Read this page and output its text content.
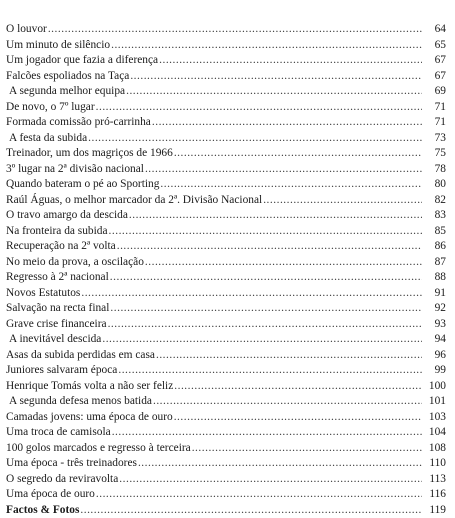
O louvor .....	64
Um minuto de silêncio .....	65
Um jogador que fazia a diferença .....	67
Falcões espoliados na Taça .....	67
A segunda melhor equipa .....	69
De novo, o 7º lugar .....	71
Formada comissão pró-carrinha .....	71
A festa da subida .....	73
Treinador, um dos magriços de 1966 .....	75
3º lugar na 2ª divisão nacional .....	78
Quando bateram o pé ao Sporting .....	80
Raúl Águas, o melhor marcador da 2ª. Divisão Nacional .....	82
O travo amargo da descida .....	83
Na fronteira da subida .....	85
Recuperação na 2ª volta .....	86
No meio da prova, a oscilação .....	87
Regresso à 2ª nacional .....	88
Novos Estatutos .....	91
Salvação na recta final .....	92
Grave crise financeira .....	93
A inevitável descida .....	94
Asas da subida perdidas em casa .....	96
Juniores salvaram época .....	99
Henrique Tomás volta a não ser feliz .....	100
A segunda defesa menos batida .....	101
Camadas jovens: uma época de ouro .....	103
Uma troca de camisola .....	104
100 golos marcados e regresso à terceira .....	108
Uma época - três treinadores .....	110
O segredo da reviravolta .....	113
Uma época de ouro .....	116
Factos & Fotos .....	119
